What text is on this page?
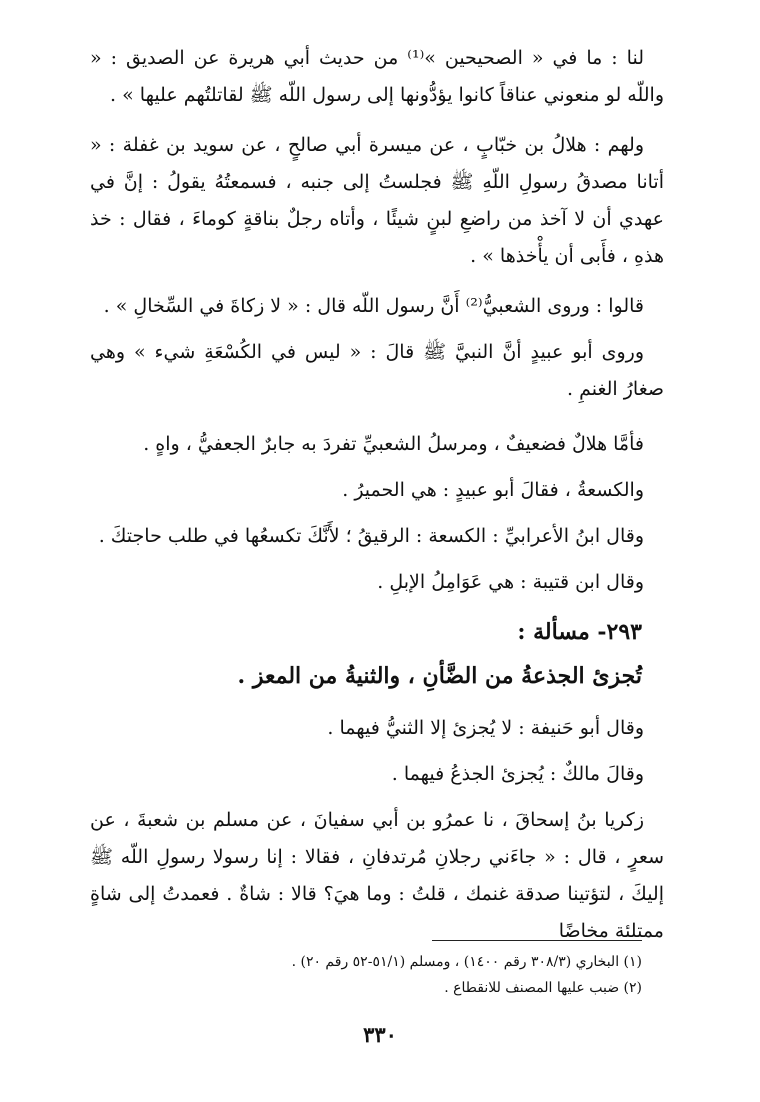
لنا : ما في « الصحيحين »⁽¹⁾ من حديث أبي هريرة عن الصديق : « واللّه لو منعوني عناقاً كانوا يؤدُّونها إلى رسول اللّه ﷺ لقاتلتُهم عليها » .

ولهم : هلالُ بن خبّابٍ ، عن ميسرة أبي صالحٍ ، عن سويد بن غفلة : « أتانا مصدقُ رسولِ اللّهِ ﷺ فجلستُ إلى جنبه ، فسمعتُهُ يقولُ : إنَّ في عهدي أن لا آخذ من راضعِ لبنٍ شيئًا ، وأتاه رجلٌ بناقةٍ كوماءَ ، فقال : خذ هذهِ ، فأَبى أن يأْخذها » .

قالوا : وروى الشعبيُّ⁽²⁾ أَنَّ رسول اللّه قال : « لا زكاةَ في السِّخالِ » .

وروى أبو عبيدٍ أنَّ النبيَّ ﷺ قالَ : « ليس في الكُسْعَةِ شيء » وهي صغارُ الغنمِ .

فأمَّا هلالٌ فضعيفٌ ، ومرسلُ الشعبيِّ تفردَ به جابرٌ الجعفيُّ ، واهٍ .

والكسعةُ ، فقالَ أبو عبيدٍ : هي الحميرُ .

وقال ابنُ الأعرابيِّ : الكسعة : الرقيقُ ؛ لأَنَّكَ تكسعُها في طلب حاجتكَ .

وقال ابن قتيبة : هي عَوَامِلُ الإبلِ .

٢٩٣- مسألة :
تُجزئ الجذعةُ من الضَّأنِ ، والثنيةُ من المعز .

وقال أبو حَنيفة : لا يُجزئ إلا الثنيُّ فيهما .

وقالَ مالكٌ : يُجزئ الجذعُ فيهما .

زكريا بنُ إسحاقَ ، نا عمرُو بن أبي سفيانَ ، عن مسلم بن شعبةَ ، عن سعرٍ ، قال : « جاءَني رجلانِ مُرتدفانِ ، فقالا : إنا رسولا رسولِ اللّه ﷺ إليكَ ، لتؤتينا صدقة غنمك ، قلتُ : وما هيَ؟ قالا : شاةٌ . فعمدتُ إلى شاةٍ ممتلئة مخاضًا

(١) البخاري (٣٠٨/٣ رقم ١٤٠٠) ، ومسلم (٥١/١-٥٢ رقم ٢٠) .

(٢) ضبب عليها المصنف للانقطاع .

٣٣٠
